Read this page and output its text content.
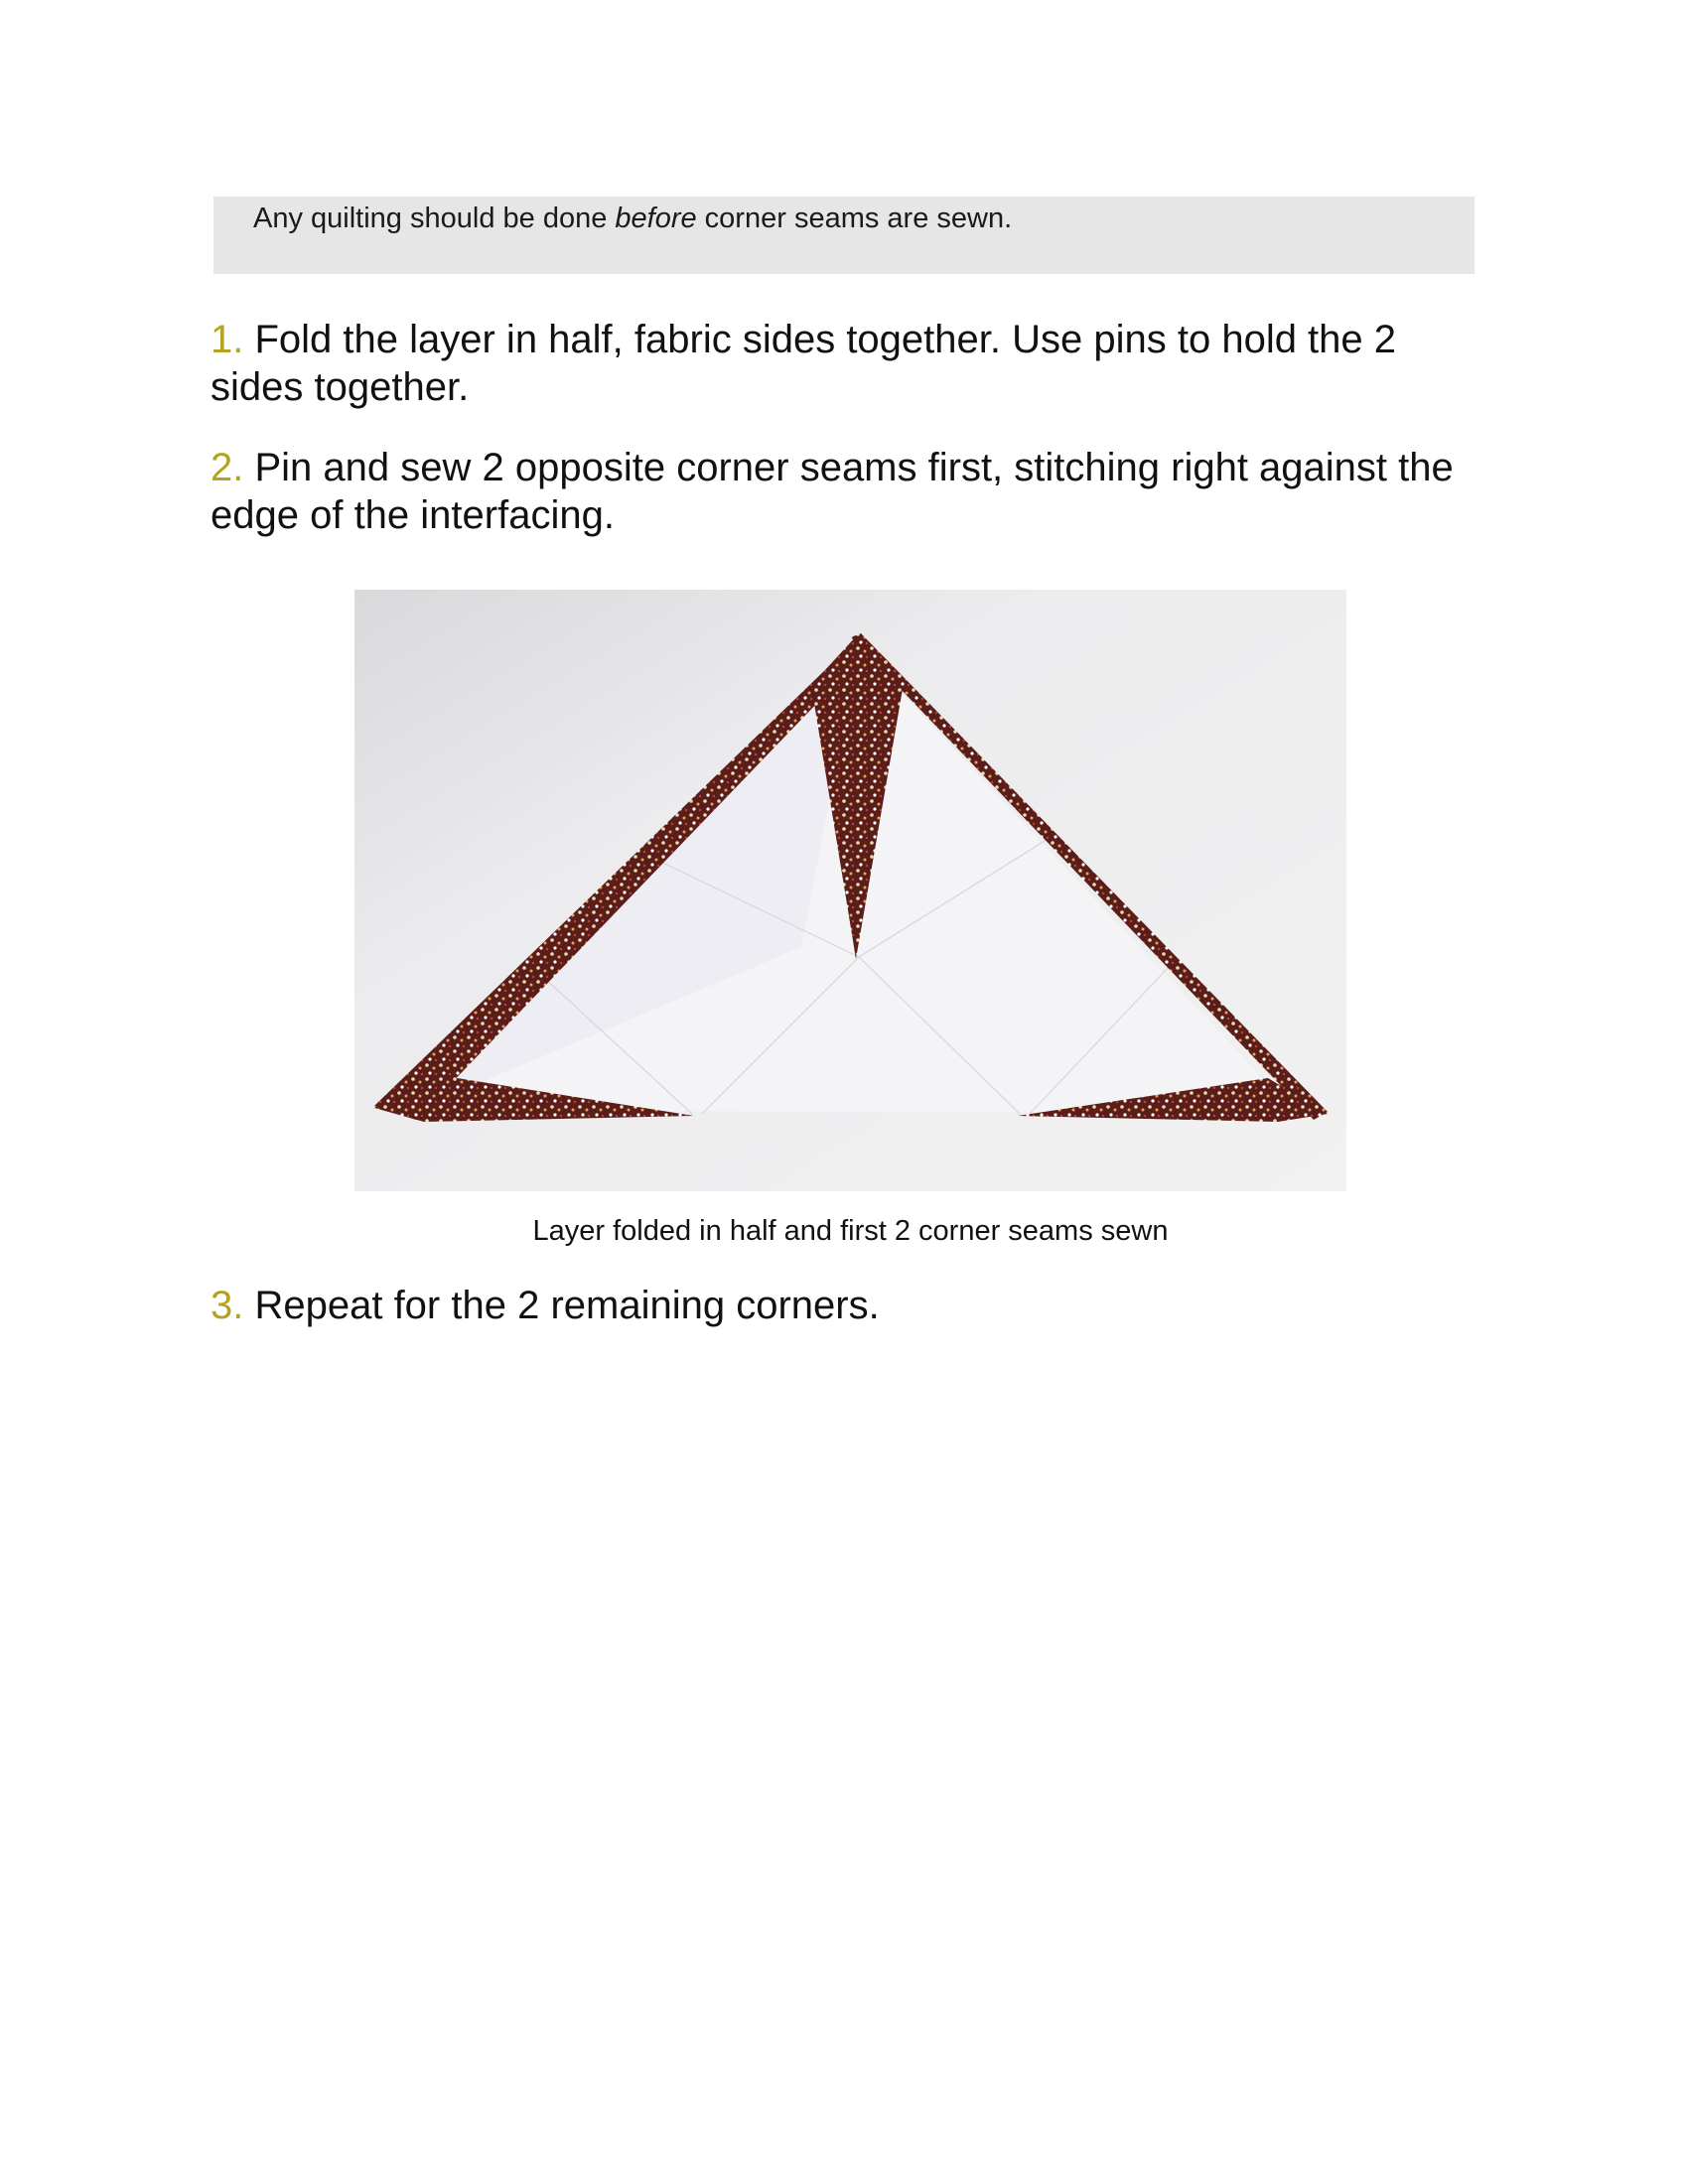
Any quilting should be done before corner seams are sewn.
1. Fold the layer in half, fabric sides together. Use pins to hold the 2 sides together.
2. Pin and sew 2 opposite corner seams first, stitching right against the edge of the interfacing.
Layer folded in half and first 2 corner seams sewn
3. Repeat for the 2 remaining corners.
